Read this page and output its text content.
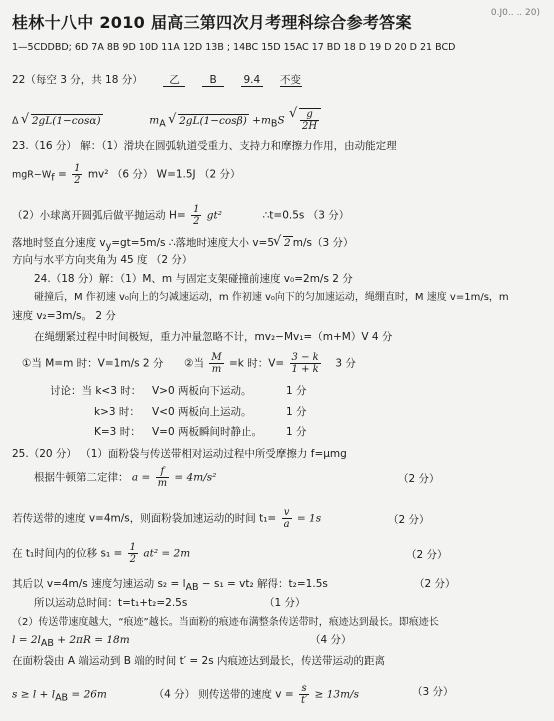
桂林十八中 2010 届高三第四次月考理科综合参考答案	0.J0.. .. 20)
1—5CDDBD; 6D 7A 8B 9D 10D 11A 12D 13B ; 14BC 15D 15AC 17 BD 18 D 19 D 20 D 21 BCD
22（每空 3 分，共 18 分）	乙	B	9.4 不变
Δ √ 2gL(1−cosα)	$m_A$ √ $2gL(1-\cos\beta) +m_BS$ √ $\frac{g}{2H}$
23.（16 分） 解：（1）滑块在圆弧轨道受重力、支持力和摩擦力作用，由动能定理
$mgR-W_f = \frac{1}{2} mv^2$ （6 分） W=1.5J （2 分）
（2）小球离开圆弧后做平抛运动 $H= \frac{1}{2} gt^2$	∴t=0.5s （3 分）
落地时竖直分速度 $v_y=gt=5m/s$ ∴落地时速度大小 v=5 √ 2 m/s（3 分）
方向与水平方向夹角为 45 度 （2 分）
24.（18 分）解：（1）M、m 与固定支架碰撞前速度 v₀=2m/s 2 分
碰撞后，M 作初速 v₀向上的匀减速运动，m 作初速 v₀向下的匀加速运动，绳绷直时，M 速度 v=1m/s，m
速度 v₂=3m/s。 2 分
在绳绷紧过程中时间极短，重力冲量忽略不计，mv₂−Mv₁=（m+M）V 4 分
①当 M=m 时：V=1m/s 2 分 ②当 $\frac{M}{m} =k$ 时：$V= \frac{3 - k}{1 + k} 3$ 分
讨论：当 k<3 时： V>0 两板向下运动。	1 分
k>3 时： V<0 两板向上运动。	1 分
K=3 时： V=0 两板瞬间时静止。 1 分
25.（20 分） （1）面粉袋与传送带相对运动过程中所受摩擦力 f=μmg
根据牛顿第二定律： $a = \frac{f}{m} = 4m/s^2$	（2 分）
若传送带的速度 v=4m/s，则面粉袋加速运动的时间 $t_1= \frac{v}{a} = 1s$	（2 分）
在 t₁时间内的位移 $s_1 = \frac{1}{2} at^2 = 2m$	（2 分）
其后以 v=4m/s 速度匀速运动 $s_2 = l_{AB} - s_1 = vt_2$ 解得：t₂=1.5s	（2 分）
所以运动总时间：t=t₁+t₂=2.5s	（1 分）
（2）传送带速度越大，“痕迹”越长。当面粉的痕迹布满整条传送带时，痕迹达到最长。即痕迹长
$l = 2l_{AB} + 2\pi R = 18m$	（4 分）
在面粉袋由 A 端运动到 B 端的时间 t′ = 2s 内痕迹达到最长，传送带运动的距离
$s \ge l + l_{AB} = 26m$	（4 分） 则传送带的速度 $v = \frac{s}{t'} \ge 13m/s$	（3 分）
